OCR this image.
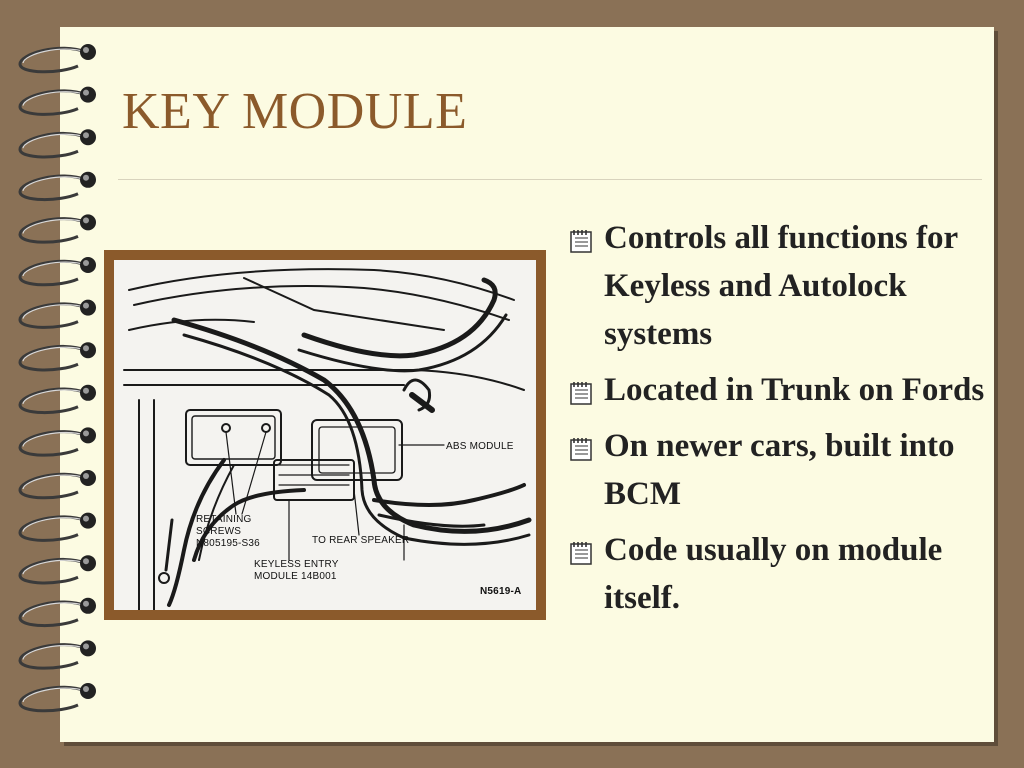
KEY MODULE
ABS MODULE
RETAINING
SCREWS
N805195-S36	TO REAR SPEAKER
KEYLESS ENTRY
MODULE 14B001
N5619-A
Controls all functions for Keyless and Autolock systems
Located in Trunk on Fords
On newer cars, built into BCM
Code usually on module itself.
